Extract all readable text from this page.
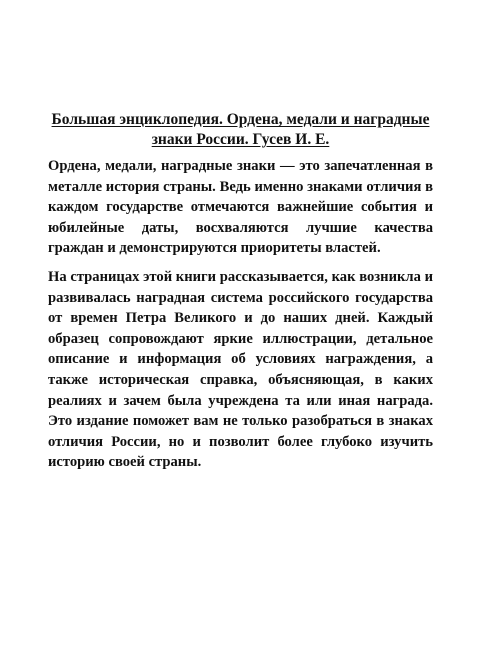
Большая энциклопедия. Ордена, медали и наградные знаки России. Гусев И. Е.

Ордена, медали, наградные знаки — это запечатленная в металле история страны. Ведь именно знаками отличия в каждом государстве отмечаются важнейшие события и юбилейные даты, восхваляются лучшие качества граждан и демонстрируются приоритеты властей.

На страницах этой книги рассказывается, как возникла и развивалась наградная система российского государства от времен Петра Великого и до наших дней. Каждый образец сопровождают яркие иллюстрации, детальное описание и информация об условиях награждения, а также историческая справка, объясняющая, в каких реалиях и зачем была учреждена та или иная награда. Это издание поможет вам не только разобраться в знаках отличия России, но и позволит более глубоко изучить историю своей страны.
